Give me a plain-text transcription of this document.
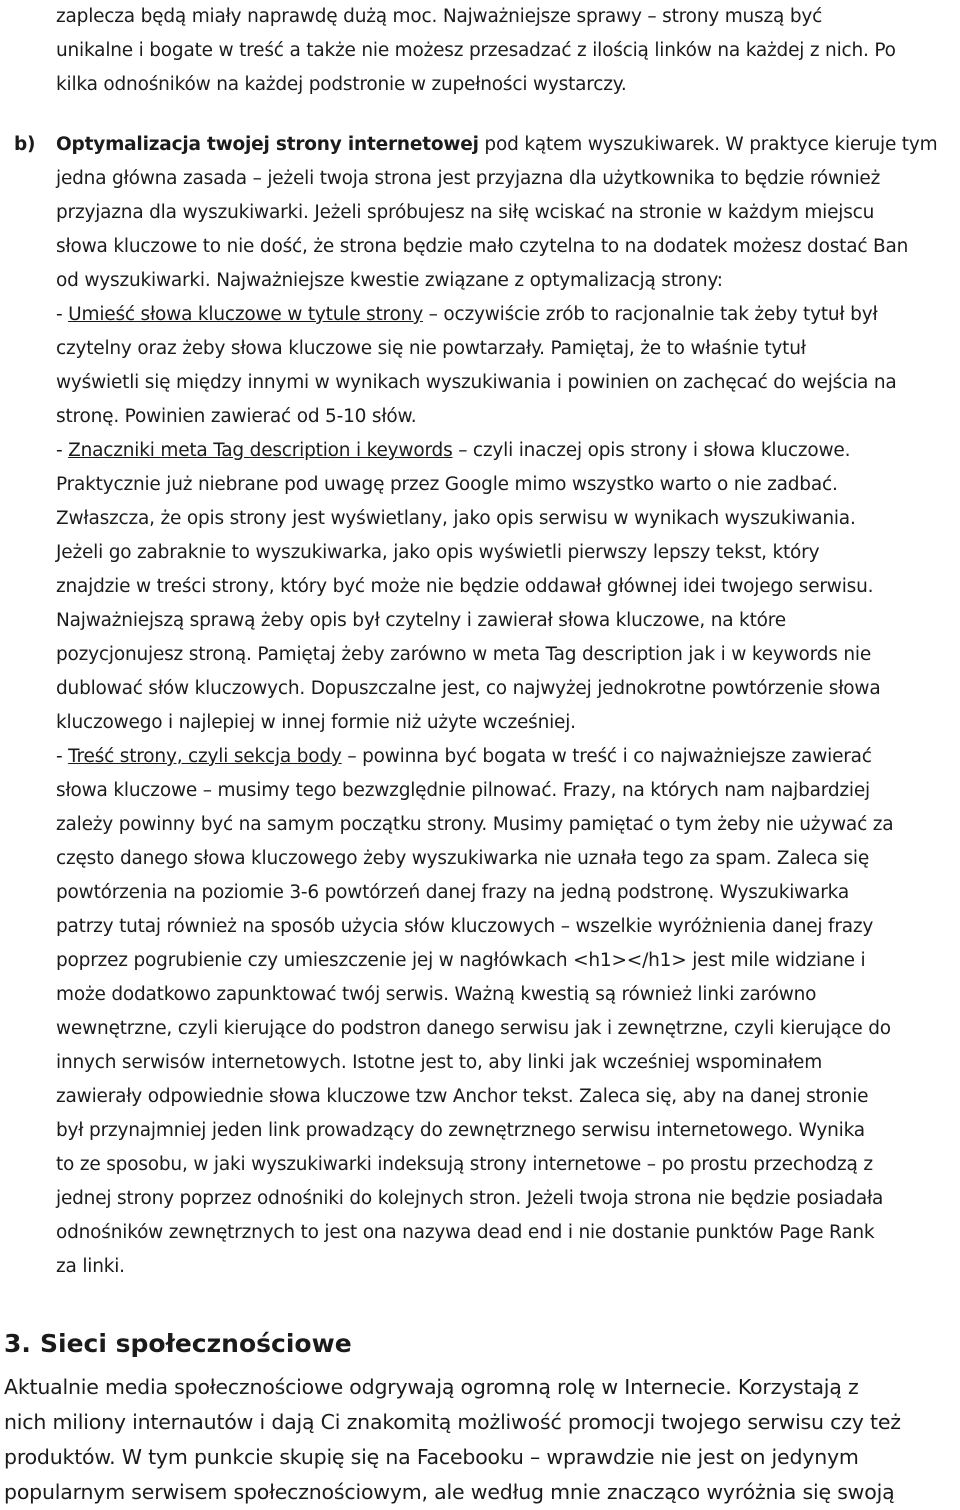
zaplecza będą miały naprawdę dużą moc. Najważniejsze sprawy – strony muszą być
unikalne i bogate w treść a także nie możesz przesadzać z ilością linków na każdej z nich. Po
kilka odnośników na każdej podstronie w zupełności wystarczy.
b) Optymalizacja twojej strony internetowej pod kątem wyszukiwarek. W praktyce kieruje tym
jedna główna zasada – jeżeli twoja strona jest przyjazna dla użytkownika to będzie również
przyjazna dla wyszukiwarki. Jeżeli spróbujesz na siłę wciskać na stronie w każdym miejscu
słowa kluczowe to nie dość, że strona będzie mało czytelna to na dodatek możesz dostać Ban
od wyszukiwarki. Najważniejsze kwestie związane z optymalizacją strony:
- Umieść słowa kluczowe w tytule strony – oczywiście zrób to racjonalnie tak żeby tytuł był
czytelny oraz żeby słowa kluczowe się nie powtarzały. Pamiętaj, że to właśnie tytuł
wyświetli się między innymi w wynikach wyszukiwania i powinien on zachęcać do wejścia na
stronę. Powinien zawierać od 5-10 słów.
- Znaczniki meta Tag description i keywords – czyli inaczej opis strony i słowa kluczowe.
Praktycznie już niebrane pod uwagę przez Google mimo wszystko warto o nie zadbać.
Zwłaszcza, że opis strony jest wyświetlany, jako opis serwisu w wynikach wyszukiwania.
Jeżeli go zabraknie to wyszukiwarka, jako opis wyświetli pierwszy lepszy tekst, który
znajdzie w treści strony, który być może nie będzie oddawał głównej idei twojego serwisu.
Najważniejszą sprawą żeby opis był czytelny i zawierał słowa kluczowe, na które
pozycjonujesz stroną. Pamiętaj żeby zarówno w meta Tag description jak i w keywords nie
dublować słów kluczowych. Dopuszczalne jest, co najwyżej jednokrotne powtórzenie słowa
kluczowego i najlepiej w innej formie niż użyte wcześniej.
- Treść strony, czyli sekcja body – powinna być bogata w treść i co najważniejsze zawierać
słowa kluczowe – musimy tego bezwzględnie pilnować. Frazy, na których nam najbardziej
zależy powinny być na samym początku strony. Musimy pamiętać o tym żeby nie używać za
często danego słowa kluczowego żeby wyszukiwarka nie uznała tego za spam. Zaleca się
powtórzenia na poziomie 3-6 powtórzeń danej frazy na jedną podstronę. Wyszukiwarka
patrzy tutaj również na sposób użycia słów kluczowych – wszelkie wyróżnienia danej frazy
poprzez pogrubienie czy umieszczenie jej w nagłówkach <h1></h1> jest mile widziane i
może dodatkowo zapunktować twój serwis. Ważną kwestią są również linki zarówno
wewnętrzne, czyli kierujące do podstron danego serwisu jak i zewnętrzne, czyli kierujące do
innych serwisów internetowych. Istotne jest to, aby linki jak wcześniej wspominałem
zawierały odpowiednie słowa kluczowe tzw Anchor tekst. Zaleca się, aby na danej stronie
był przynajmniej jeden link prowadzący do zewnętrznego serwisu internetowego. Wynika
to ze sposobu, w jaki wyszukiwarki indeksują strony internetowe – po prostu przechodzą z
jednej strony poprzez odnośniki do kolejnych stron. Jeżeli twoja strona nie będzie posiadała
odnośników zewnętrznych to jest ona nazywa dead end i nie dostanie punktów Page Rank
za linki.
3. Sieci społecznościowe
Aktualnie media społecznościowe odgrywają ogromną rolę w Internecie. Korzystają z
nich miliony internautów i dają Ci znakomitą możliwość promocji twojego serwisu czy też
produktów. W tym punkcie skupię się na Facebooku – wprawdzie nie jest on jedynym
popularnym serwisem społecznościowym, ale według mnie znacząco wyróżnia się swoją
